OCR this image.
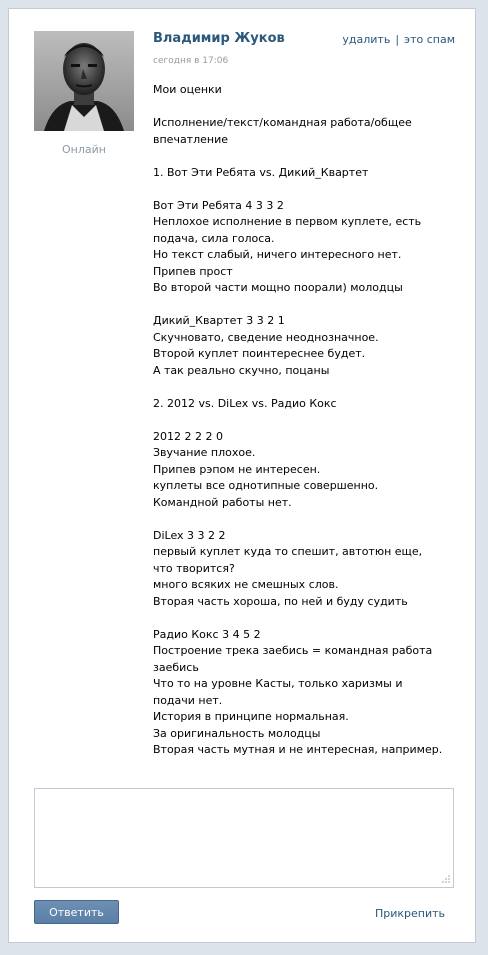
Онлайн
Владимир Жуков	удалить | это спам
сегодня в 17:06
Мои оценки
Исполнение/текст/командная работа/общее впечатление
1. Вот Эти Ребята vs. Дикий_Квартет
Вот Эти Ребята 4 3 3 2
Неплохое исполнение в первом куплете, есть подача, сила голоса.
Но текст слабый, ничего интересного нет.
Припев прост
Во второй части мощно поорали) молодцы
Дикий_Квартет 3 3 2 1
Скучновато, сведение неоднозначное.
Второй куплет поинтереснее будет.
А так реально скучно, поцаны
2. 2012 vs. DiLex vs. Радио Кокс
2012 2 2 2 0
Звучание плохое.
Припев рэпом не интересен.
куплеты все однотипные совершенно.
Командной работы нет.
DiLex 3 3 2 2
первый куплет куда то спешит, автотюн еще, что творится?
много всяких не смешных слов.
Вторая часть хороша, по ней и буду судить
Радио Кокс 3 4 5 2
Построение трека заебись = командная работа заебись
Что то на уровне Касты, только харизмы и подачи нет.
История в принципе нормальная.
За оригинальность молодцы
Вторая часть мутная и не интересная, например.
Ответить	Прикрепить
